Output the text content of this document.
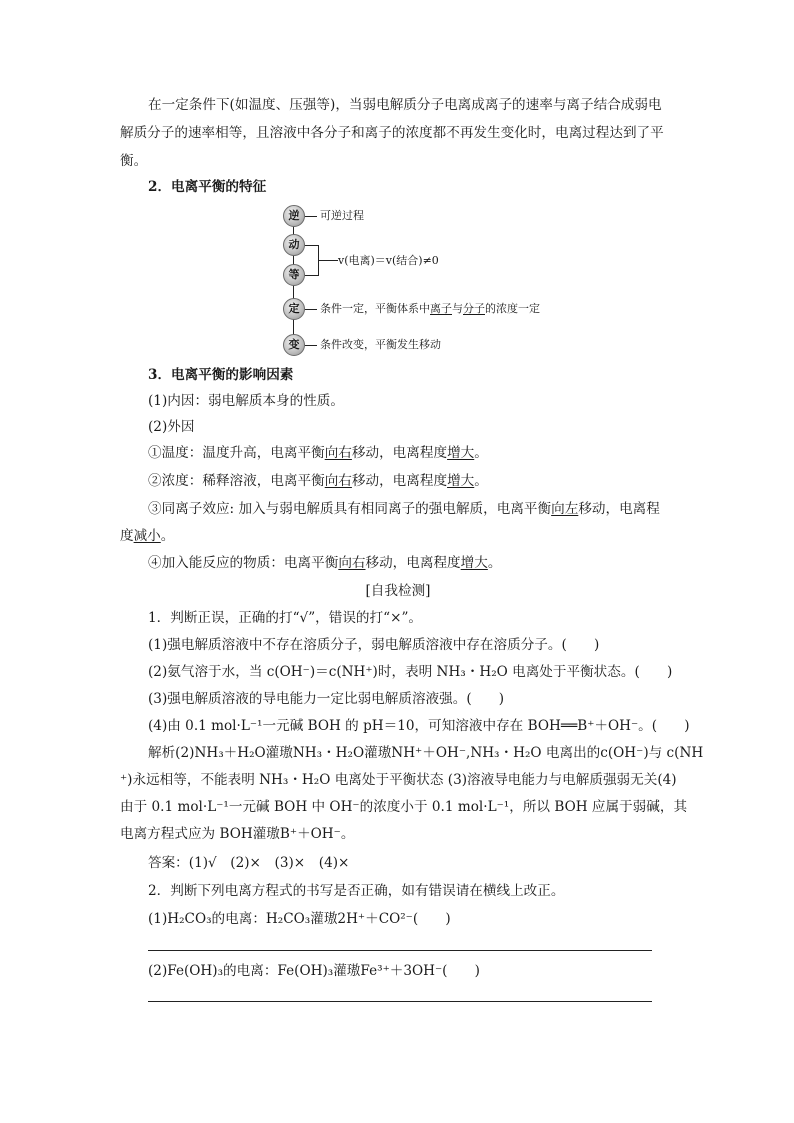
在一定条件下(如温度、压强等)，当弱电解质分子电离成离子的速率与离子结合成弱电
解质分子的速率相等，且溶液中各分子和离子的浓度都不再发生变化时，电离过程达到了平
衡。
2．电离平衡的特征
逆
动
等
定
变
可逆过程
v(电离)＝v(结合)≠0
条件一定，平衡体系中离子与分子的浓度一定
条件改变，平衡发生移动
3．电离平衡的影响因素
(1)内因：弱电解质本身的性质。
(2)外因
①温度：温度升高，电离平衡向右移动，电离程度增大。
②浓度：稀释溶液，电离平衡向右移动，电离程度增大。
③同离子效应: 加入与弱电解质具有相同离子的强电解质，电离平衡向左移动，电离程
度减小。
④加入能反应的物质：电离平衡向右移动，电离程度增大。
[自我检测]
1．判断正误，正确的打“√”，错误的打“×”。
(1)强电解质溶液中不存在溶质分子，弱电解质溶液中存在溶质分子。(　　)
(2)氨气溶于水，当 c(OH⁻)＝c(NH⁺)时，表明 NH₃・H₂O 电离处于平衡状态。(　　)
(3)强电解质溶液的导电能力一定比弱电解质溶液强。(　　)
(4)由 0.1 mol·L⁻¹一元碱 BOH 的 pH＝10，可知溶液中存在 BOH══B⁺＋OH⁻。(　　)
解析(2)NH₃＋H₂O灌璈NH₃・H₂O灌璈NH⁺＋OH⁻,NH₃・H₂O 电离出的c(OH⁻)与 c(NH
⁺)永远相等，不能表明 NH₃・H₂O 电离处于平衡状态 (3)溶液导电能力与电解质强弱无关(4)
由于 0.1 mol·L⁻¹一元碱 BOH 中 OH⁻的浓度小于 0.1 mol·L⁻¹，所以 BOH 应属于弱碱，其
电离方程式应为 BOH灌璈B⁺＋OH⁻。
答案：(1)√　(2)×　(3)×　(4)×
2．判断下列电离方程式的书写是否正确，如有错误请在横线上改正。
(1)H₂CO₃的电离：H₂CO₃灌璈2H⁺＋CO²⁻(　　)
(2)Fe(OH)₃的电离：Fe(OH)₃灌璈Fe³⁺＋3OH⁻(　　)
